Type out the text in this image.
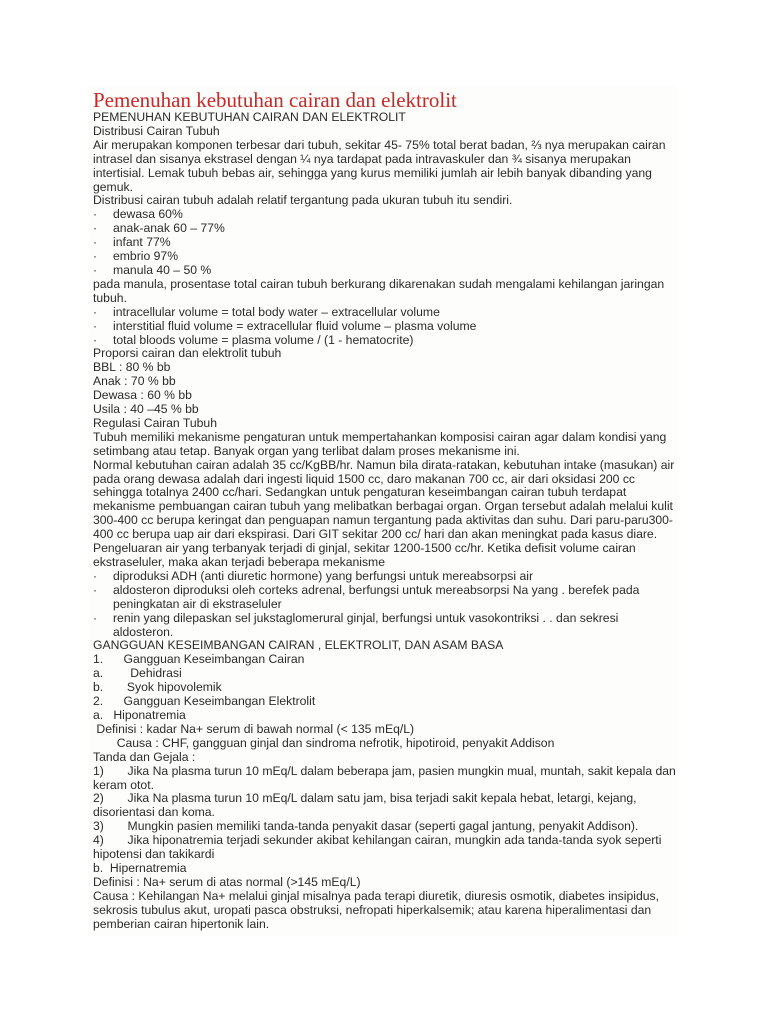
Pemenuhan kebutuhan cairan dan elektrolit

PEMENUHAN KEBUTUHAN CAIRAN DAN ELEKTROLIT

Distribusi Cairan Tubuh

Air merupakan komponen terbesar dari tubuh, sekitar 45- 75% total berat badan, ⅔ nya merupakan cairan intrasel dan sisanya ekstrasel dengan ¼ nya tardapat pada intravaskuler dan ¾ sisanya merupakan intertisial. Lemak tubuh bebas air, sehingga yang kurus memiliki jumlah air lebih banyak dibanding yang gemuk.

Distribusi cairan tubuh adalah relatif tergantung pada ukuran tubuh itu sendiri.

·	dewasa 60%
·	anak-anak 60 – 77%
·	infant 77%
·	embrio 97%
·	manula 40 – 50 %

pada manula, prosentase total cairan tubuh berkurang dikarenakan sudah mengalami kehilangan jaringan tubuh.

·	intracellular volume = total body water – extracellular volume
·	interstitial fluid volume = extracellular fluid volume – plasma volume
·	total bloods volume = plasma volume / (1 - hematocrite)

Proporsi cairan dan elektrolit tubuh

BBL : 80 % bb

Anak : 70 % bb

Dewasa : 60 % bb

Usila : 40 –45 % bb

Regulasi Cairan Tubuh

Tubuh memiliki mekanisme pengaturan untuk mempertahankan komposisi cairan agar dalam kondisi yang setimbang atau tetap. Banyak organ yang terlibat dalam proses mekanisme ini.

Normal kebutuhan cairan adalah 35 cc/KgBB/hr. Namun bila dirata-ratakan, kebutuhan intake (masukan) air pada orang dewasa adalah dari ingesti liquid 1500 cc, daro makanan 700 cc, air dari oksidasi 200 cc sehingga totalnya 2400 cc/hari. Sedangkan untuk pengaturan keseimbangan cairan tubuh terdapat mekanisme pembuangan cairan tubuh yang melibatkan berbagai organ. Organ tersebut adalah melalui kulit 300-400 cc berupa keringat dan penguapan namun tergantung pada aktivitas dan suhu. Dari paru-paru300-400 cc berupa uap air dari ekspirasi. Dari GIT sekitar 200 cc/ hari dan akan meningkat pada kasus diare. Pengeluaran air yang terbanyak terjadi di ginjal, sekitar 1200-1500 cc/hr. Ketika defisit volume cairan ekstraseluler, maka akan terjadi beberapa mekanisme

·	diproduksi ADH (anti diuretic hormone) yang berfungsi untuk mereabsorpsi air
·	aldosteron diproduksi oleh corteks adrenal, berfungsi untuk mereabsorpsi Na yang . berefek pada peningkatan air di ekstraseluler
·	renin yang dilepaskan sel jukstaglomerural ginjal, berfungsi untuk vasokontriksi . . dan sekresi aldosteron.

GANGGUAN KESEIMBANGAN CAIRAN , ELEKTROLIT, DAN ASAM BASA

1.      Gangguan Keseimbangan Cairan

a.        Dehidrasi

b.       Syok hipovolemik

2.      Gangguan Keseimbangan Elektrolit

a.   Hiponatremia

Definisi : kadar Na+ serum di bawah normal (< 135 mEq/L)

Causa : CHF, gangguan ginjal dan sindroma nefrotik, hipotiroid, penyakit Addison

Tanda dan Gejala :

1)       Jika Na plasma turun 10 mEq/L dalam beberapa jam, pasien mungkin mual, muntah, sakit kepala dan keram otot.

2)       Jika Na plasma turun 10 mEq/L dalam satu jam, bisa terjadi sakit kepala hebat, letargi, kejang, disorientasi dan koma.

3)       Mungkin pasien memiliki tanda-tanda penyakit dasar (seperti gagal jantung, penyakit Addison).

4)       Jika hiponatremia terjadi sekunder akibat kehilangan cairan, mungkin ada tanda-tanda syok seperti hipotensi dan takikardi

b.  Hipernatremia

Definisi : Na+ serum di atas normal (>145 mEq/L)

Causa : Kehilangan Na+ melalui ginjal misalnya pada terapi diuretik, diuresis osmotik, diabetes insipidus, sekrosis tubulus akut, uropati pasca obstruksi, nefropati hiperkalsemik; atau karena hiperalimentasi dan pemberian cairan hipertonik lain.
